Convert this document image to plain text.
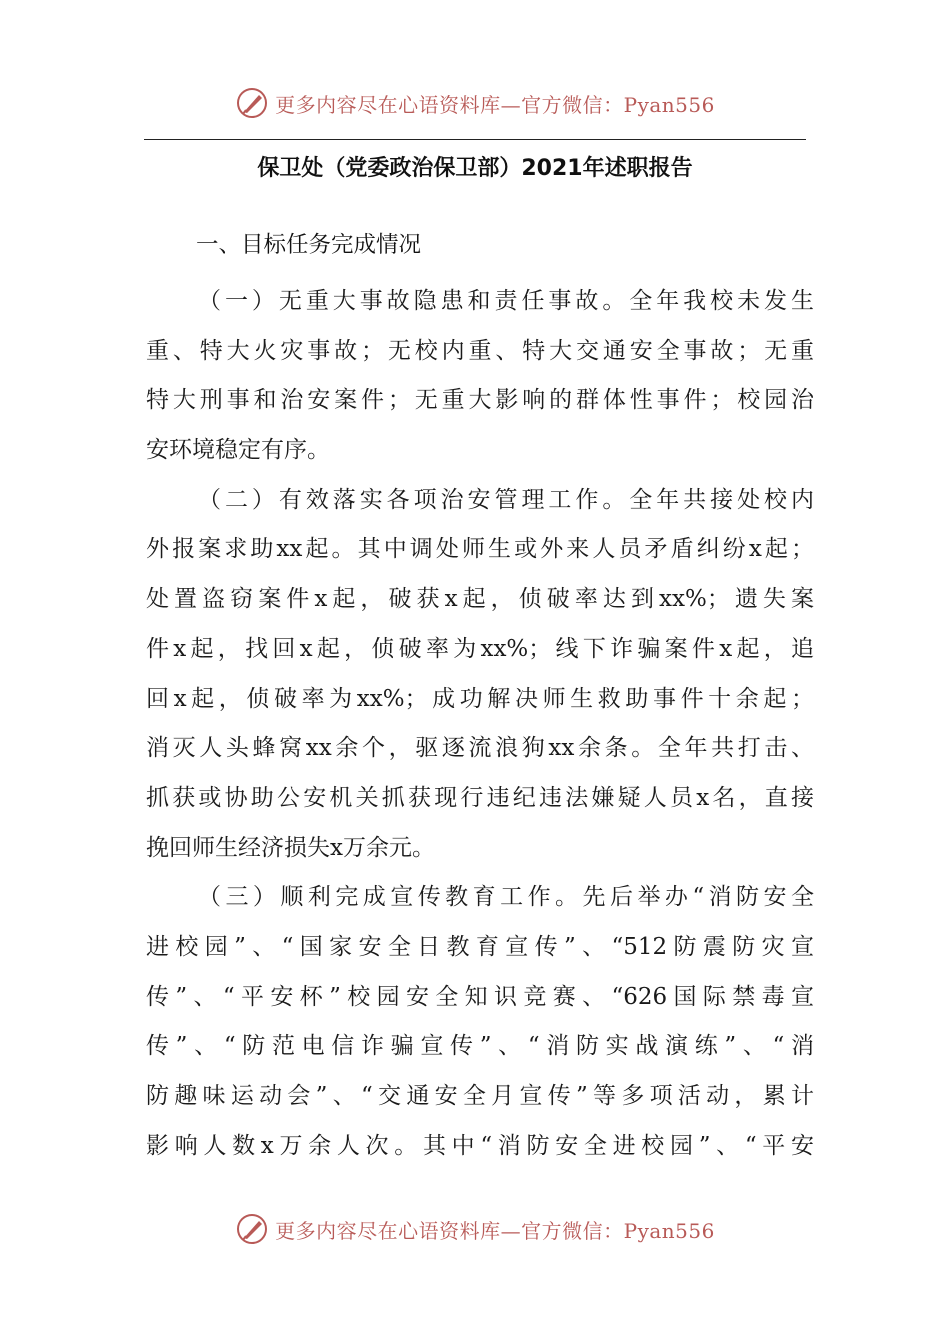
更多内容尽在心语资料库—官方微信：Pyan556
保卫处（党委政治保卫部）2021年述职报告
一、目标任务完成情况
（一）无重大事故隐患和责任事故。全年我校未发生
重、特大火灾事故；无校内重、特大交通安全事故；无重
特大刑事和治安案件；无重大影响的群体性事件；校园治
安环境稳定有序。
（二）有效落实各项治安管理工作。全年共接处校内
外报案求助xx起。其中调处师生或外来人员矛盾纠纷x起；
处置盗窃案件x起，破获x起，侦破率达到xx%；遗失案
件x起，找回x起，侦破率为xx%；线下诈骗案件x起，追
回x起，侦破率为xx%；成功解决师生救助事件十余起；
消灭人头蜂窝xx余个，驱逐流浪狗xx余条。全年共打击、
抓获或协助公安机关抓获现行违纪违法嫌疑人员x名，直接
挽回师生经济损失x万余元。
（三）顺利完成宣传教育工作。先后举办“消防安全
进校园”、“国家安全日教育宣传”、“512防震防灾宣
传”、“平安杯”校园安全知识竞赛、“626国际禁毒宣
传”、“防范电信诈骗宣传”、“消防实战演练”、“消
防趣味运动会”、“交通安全月宣传”等多项活动，累计
影响人数x万余人次。其中“消防安全进校园”、“平安
更多内容尽在心语资料库—官方微信：Pyan556
